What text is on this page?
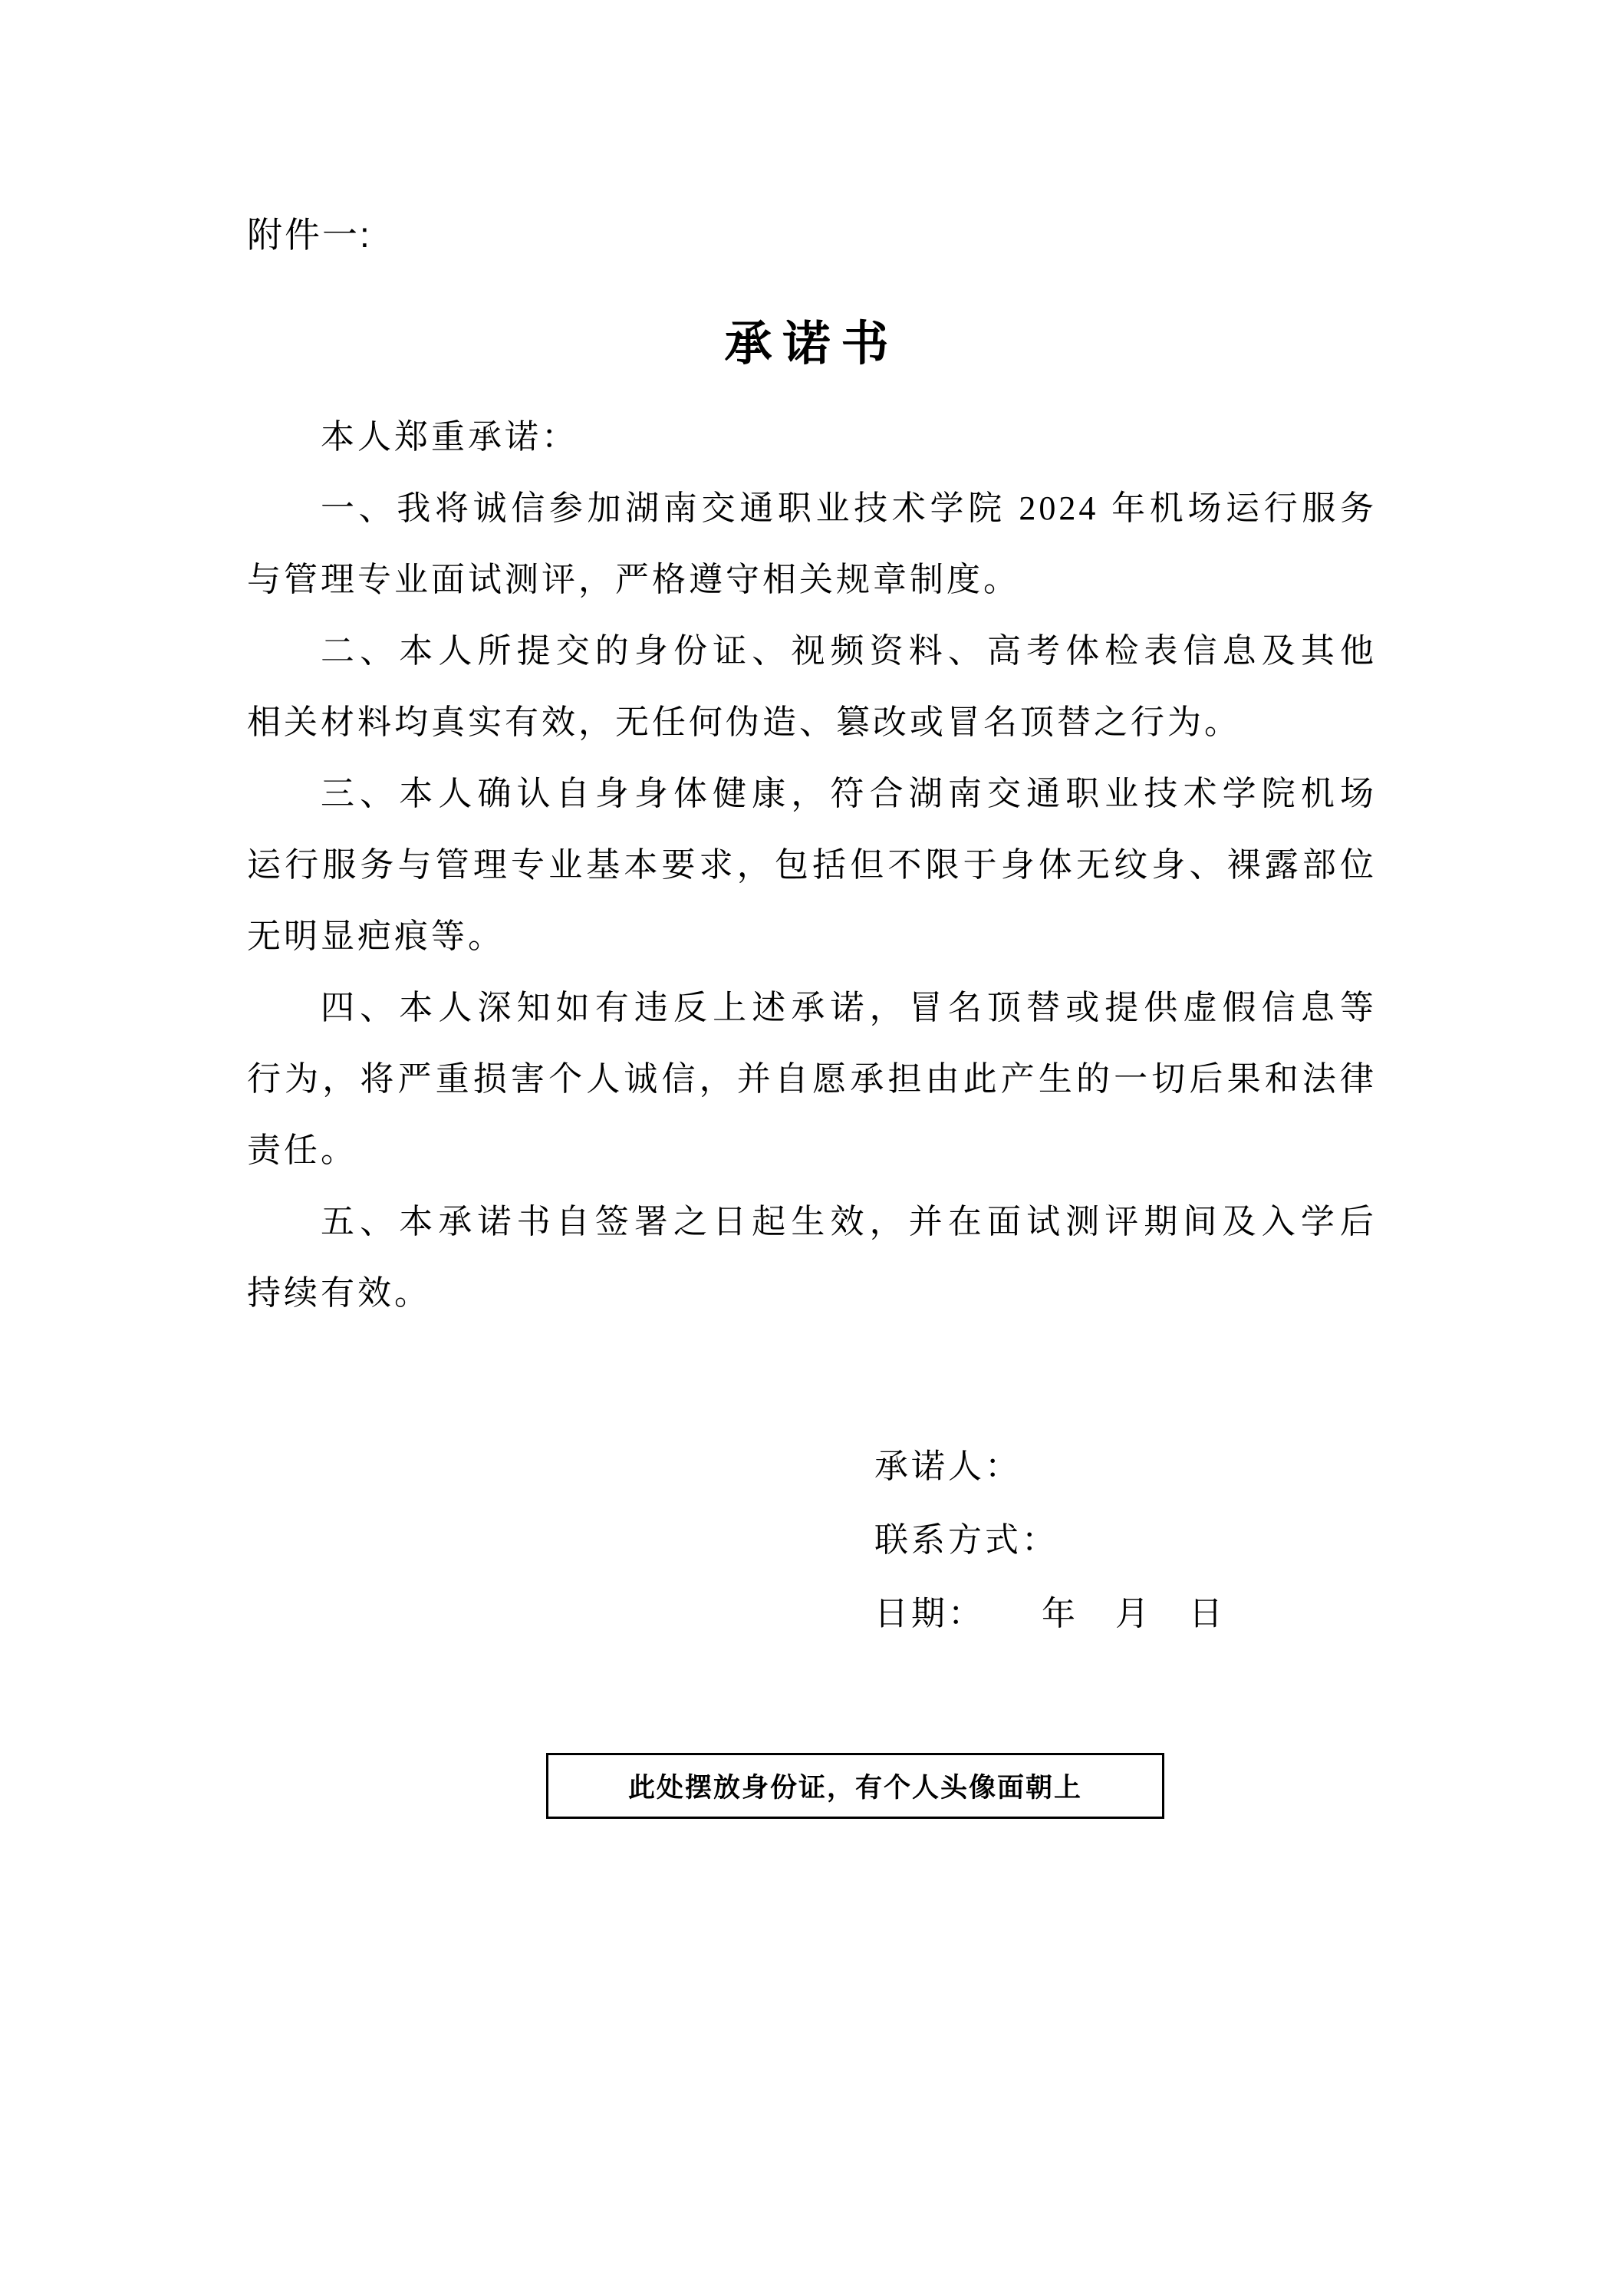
附件一:
承诺书
本人郑重承诺：
一、我将诚信参加湖南交通职业技术学院 2024 年机场运行服务
与管理专业面试测评，严格遵守相关规章制度。
二、本人所提交的身份证、视频资料、高考体检表信息及其他
相关材料均真实有效，无任何伪造、篡改或冒名顶替之行为。
三、本人确认自身身体健康，符合湖南交通职业技术学院机场
运行服务与管理专业基本要求，包括但不限于身体无纹身、裸露部位
无明显疤痕等。
四、本人深知如有违反上述承诺，冒名顶替或提供虚假信息等
行为，将严重损害个人诚信，并自愿承担由此产生的一切后果和法律
责任。
五、本承诺书自签署之日起生效，并在面试测评期间及入学后
持续有效。
承诺人：
联系方式：
日期：　　年　月　日
此处摆放身份证，有个人头像面朝上
